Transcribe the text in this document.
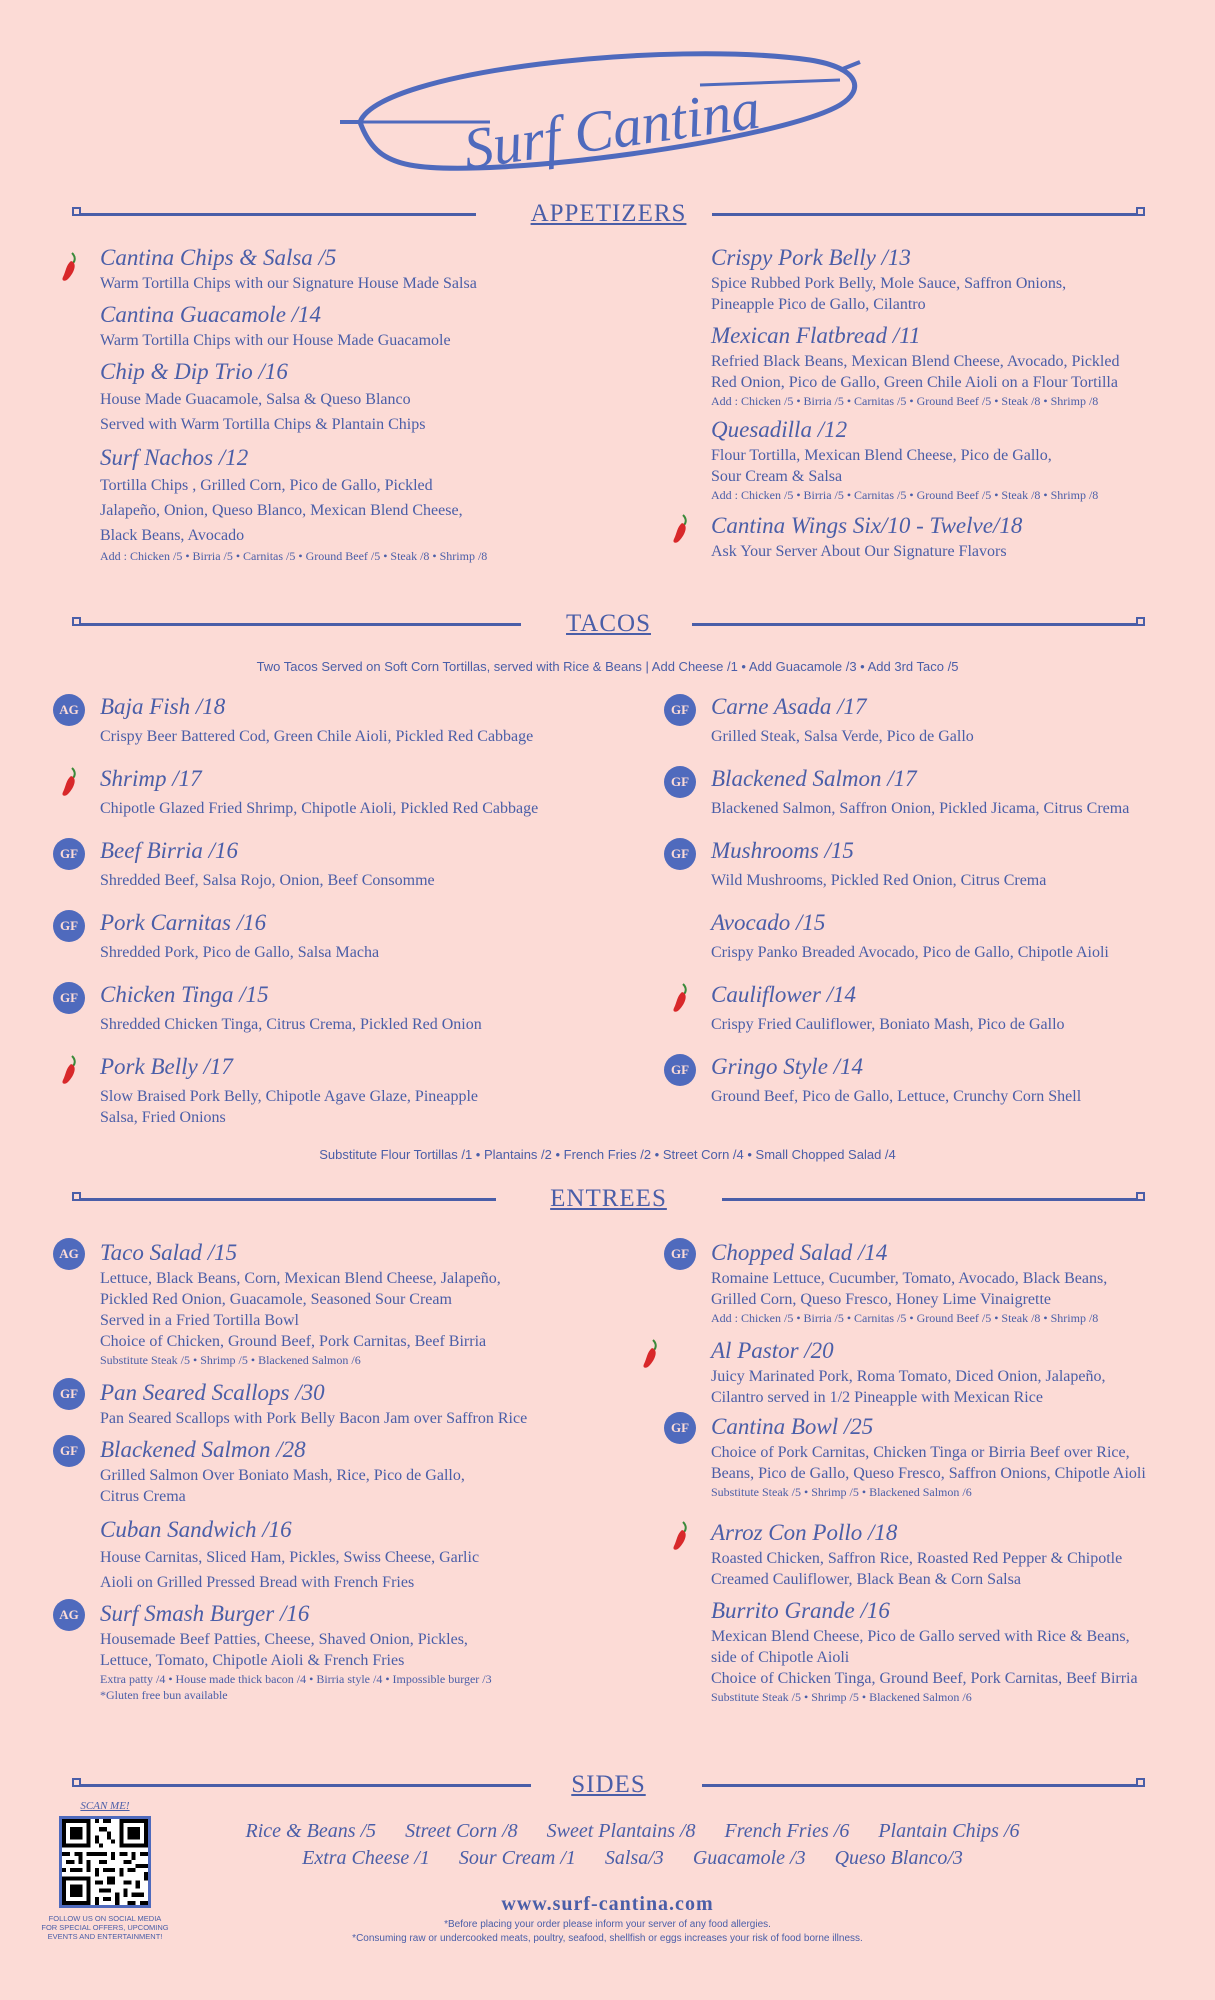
Surf Cantina
APPETIZERS
Cantina Chips & Salsa /5
Warm Tortilla Chips with our Signature House Made Salsa
Cantina Guacamole /14
Warm Tortilla Chips with our House Made Guacamole
Chip & Dip Trio /16
House Made Guacamole, Salsa & Queso Blanco
Served with Warm Tortilla Chips & Plantain Chips
Surf Nachos /12
Tortilla Chips , Grilled Corn, Pico de Gallo, Pickled
Jalapeño, Onion, Queso Blanco, Mexican Blend Cheese,
Black Beans, Avocado
Add : Chicken /5 • Birria /5 • Carnitas /5 • Ground Beef /5 • Steak /8 • Shrimp /8
Crispy Pork Belly /13
Spice Rubbed Pork Belly, Mole Sauce, Saffron Onions,
Pineapple Pico de Gallo, Cilantro
Mexican Flatbread /11
Refried Black Beans, Mexican Blend Cheese, Avocado, Pickled
Red Onion, Pico de Gallo, Green Chile Aioli on a Flour Tortilla
Add : Chicken /5 • Birria /5 • Carnitas /5 • Ground Beef /5 • Steak /8 • Shrimp /8
Quesadilla /12
Flour Tortilla, Mexican Blend Cheese, Pico de Gallo,
Sour Cream & Salsa
Add : Chicken /5 • Birria /5 • Carnitas /5 • Ground Beef /5 • Steak /8 • Shrimp /8
Cantina Wings Six/10 - Twelve/18
Ask Your Server About Our Signature Flavors
TACOS
Two Tacos Served on Soft Corn Tortillas, served with Rice & Beans | Add Cheese /1 • Add Guacamole /3 • Add 3rd Taco /5
AG Baja Fish /18
Crispy Beer Battered Cod, Green Chile Aioli, Pickled Red Cabbage
Shrimp /17
Chipotle Glazed Fried Shrimp, Chipotle Aioli, Pickled Red Cabbage
GF Beef Birria /16
Shredded Beef, Salsa Rojo, Onion, Beef Consomme
GF Pork Carnitas /16
Shredded Pork, Pico de Gallo, Salsa Macha
GF Chicken Tinga /15
Shredded Chicken Tinga, Citrus Crema, Pickled Red Onion
Pork Belly /17
Slow Braised Pork Belly, Chipotle Agave Glaze, Pineapple
Salsa, Fried Onions
GF Carne Asada /17
Grilled Steak, Salsa Verde, Pico de Gallo
GF Blackened Salmon /17
Blackened Salmon, Saffron Onion, Pickled Jicama, Citrus Crema
GF Mushrooms /15
Wild Mushrooms, Pickled Red Onion, Citrus Crema
Avocado /15
Crispy Panko Breaded Avocado, Pico de Gallo, Chipotle Aioli
Cauliflower /14
Crispy Fried Cauliflower, Boniato Mash, Pico de Gallo
GF Gringo Style /14
Ground Beef, Pico de Gallo, Lettuce, Crunchy Corn Shell
Substitute Flour Tortillas /1 • Plantains /2 • French Fries /2 • Street Corn /4 • Small Chopped Salad /4
ENTREES
AG Taco Salad /15
Lettuce, Black Beans, Corn, Mexican Blend Cheese, Jalapeño,
Pickled Red Onion, Guacamole, Seasoned Sour Cream
Served in a Fried Tortilla Bowl
Choice of Chicken, Ground Beef, Pork Carnitas, Beef Birria
Substitute Steak /5 • Shrimp /5 • Blackened Salmon /6
GF Pan Seared Scallops /30
Pan Seared Scallops with Pork Belly Bacon Jam over Saffron Rice
GF Blackened Salmon /28
Grilled Salmon Over Boniato Mash, Rice, Pico de Gallo,
Citrus Crema
Cuban Sandwich /16
House Carnitas, Sliced Ham, Pickles, Swiss Cheese, Garlic
Aioli on Grilled Pressed Bread with French Fries
AG Surf Smash Burger /16
Housemade Beef Patties, Cheese, Shaved Onion, Pickles,
Lettuce, Tomato, Chipotle Aioli & French Fries
Extra patty /4 • House made thick bacon /4 • Birria style /4 • Impossible burger /3
*Gluten free bun available
GF Chopped Salad /14
Romaine Lettuce, Cucumber, Tomato, Avocado, Black Beans,
Grilled Corn, Queso Fresco, Honey Lime Vinaigrette
Add : Chicken /5 • Birria /5 • Carnitas /5 • Ground Beef /5 • Steak /8 • Shrimp /8
Al Pastor /20
Juicy Marinated Pork, Roma Tomato, Diced Onion, Jalapeño,
Cilantro served in 1/2 Pineapple with Mexican Rice
GF Cantina Bowl /25
Choice of Pork Carnitas, Chicken Tinga or Birria Beef over Rice,
Beans, Pico de Gallo, Queso Fresco, Saffron Onions, Chipotle Aioli
Substitute Steak /5 • Shrimp /5 • Blackened Salmon /6
Arroz Con Pollo /18
Roasted Chicken, Saffron Rice, Roasted Red Pepper & Chipotle
Creamed Cauliflower, Black Bean & Corn Salsa
Burrito Grande /16
Mexican Blend Cheese, Pico de Gallo served with Rice & Beans,
side of Chipotle Aioli
Choice of Chicken Tinga, Ground Beef, Pork Carnitas, Beef Birria
Substitute Steak /5 • Shrimp /5 • Blackened Salmon /6
SIDES
Rice & Beans /5 Street Corn /8 Sweet Plantains /8 French Fries /6 Plantain Chips /6
Extra Cheese /1 Sour Cream /1 Salsa/3 Guacamole /3 Queso Blanco/3
SCAN ME!
FOLLOW US ON SOCIAL MEDIA FOR SPECIAL OFFERS, UPCOMING EVENTS AND ENTERTAINMENT!
www.surf-cantina.com
*Before placing your order please inform your server of any food allergies.
*Consuming raw or undercooked meats, poultry, seafood, shellfish or eggs increases your risk of food borne illness.
